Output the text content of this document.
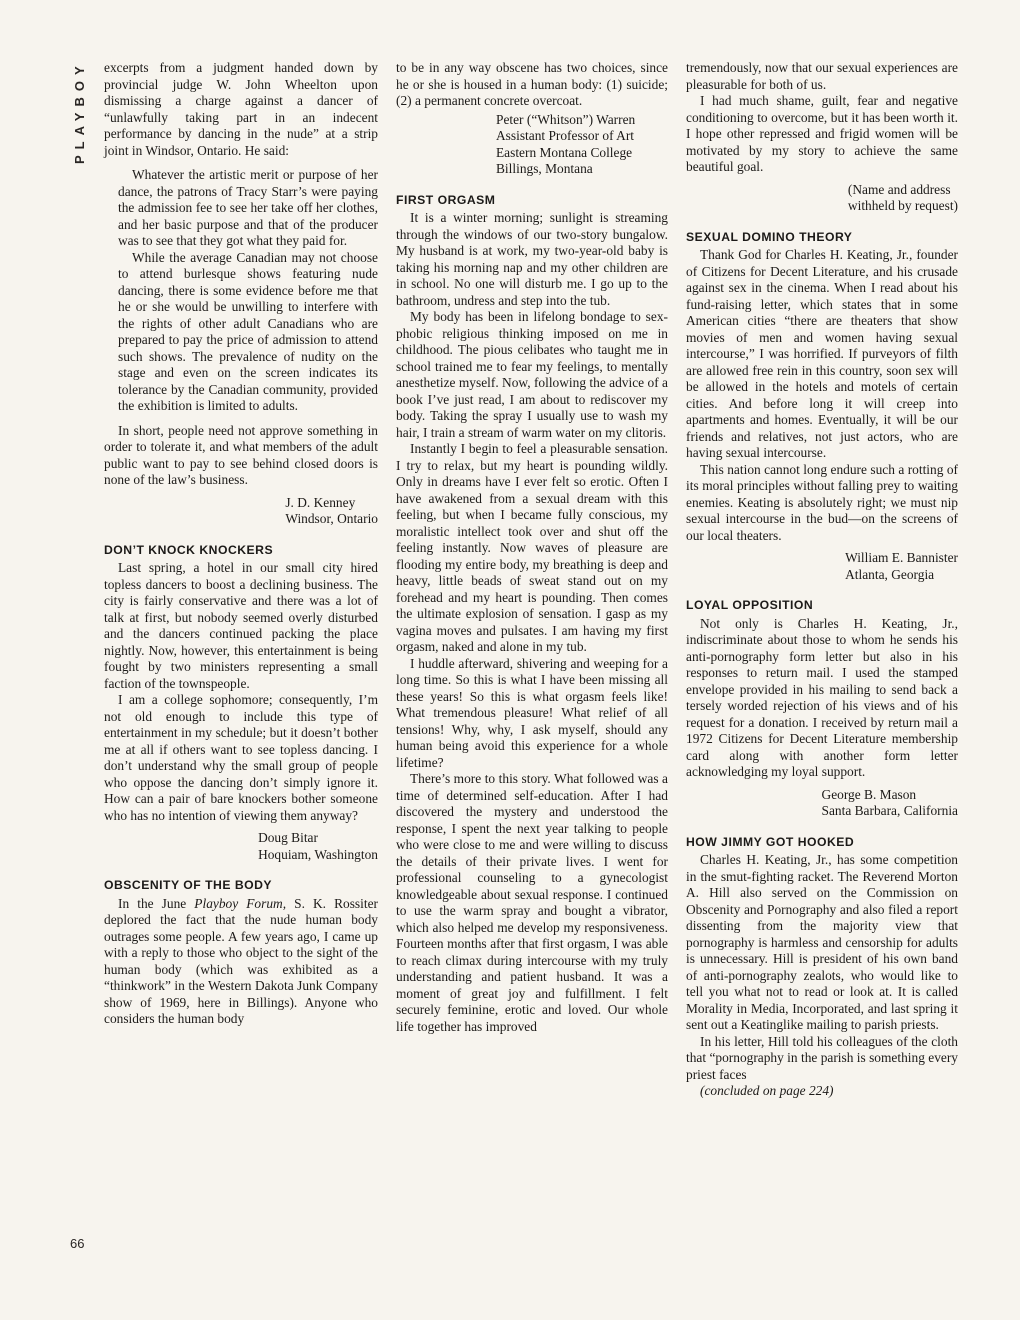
PLAYBOY
66

excerpts from a judgment handed down by provincial judge W. John Wheelton upon dismissing a charge against a dancer of “unlawfully taking part in an indecent performance by dancing in the nude” at a strip joint in Windsor, Ontario. He said:

Whatever the artistic merit or purpose of her dance, the patrons of Tracy Starr’s were paying the admission fee to see her take off her clothes, and her basic purpose and that of the producer was to see that they got what they paid for.

While the average Canadian may not choose to attend burlesque shows featuring nude dancing, there is some evidence before me that he or she would be unwilling to interfere with the rights of other adult Canadians who are prepared to pay the price of admission to attend such shows. The prevalence of nudity on the stage and even on the screen indicates its tolerance by the Canadian community, provided the exhibition is limited to adults.

In short, people need not approve something in order to tolerate it, and what members of the adult public want to pay to see behind closed doors is none of the law’s business.

J. D. Kenney
Windsor, Ontario
DON’T KNOCK KNOCKERS

Last spring, a hotel in our small city hired topless dancers to boost a declining business. The city is fairly conservative and there was a lot of talk at first, but nobody seemed overly disturbed and the dancers continued packing the place nightly. Now, however, this entertainment is being fought by two ministers representing a small faction of the townspeople.

I am a college sophomore; consequently, I’m not old enough to include this type of entertainment in my schedule; but it doesn’t bother me at all if others want to see topless dancing. I don’t understand why the small group of people who oppose the dancing don’t simply ignore it. How can a pair of bare knockers bother someone who has no intention of viewing them anyway?

Doug Bitar
Hoquiam, Washington
OBSCENITY OF THE BODY

In the June Playboy Forum, S. K. Rossiter deplored the fact that the nude human body outrages some people. A few years ago, I came up with a reply to those who object to the sight of the human body (which was exhibited as a “thinkwork” in the Western Dakota Junk Company show of 1969, here in Billings). Anyone who considers the human body

to be in any way obscene has two choices, since he or she is housed in a human body: (1) suicide; (2) a permanent concrete overcoat.

Peter (“Whitson”) Warren
Assistant Professor of Art
Eastern Montana College
Billings, Montana
FIRST ORGASM

It is a winter morning; sunlight is streaming through the windows of our two-story bungalow. My husband is at work, my two-year-old baby is taking his morning nap and my other children are in school. No one will disturb me. I go up to the bathroom, undress and step into the tub.

My body has been in lifelong bondage to sex-phobic religious thinking imposed on me in childhood. The pious celibates who taught me in school trained me to fear my feelings, to mentally anesthetize myself. Now, following the advice of a book I’ve just read, I am about to rediscover my body. Taking the spray I usually use to wash my hair, I train a stream of warm water on my clitoris.

Instantly I begin to feel a pleasurable sensation. I try to relax, but my heart is pounding wildly. Only in dreams have I ever felt so erotic. Often I have awakened from a sexual dream with this feeling, but when I became fully conscious, my moralistic intellect took over and shut off the feeling instantly. Now waves of pleasure are flooding my entire body, my breathing is deep and heavy, little beads of sweat stand out on my forehead and my heart is pounding. Then comes the ultimate explosion of sensation. I gasp as my vagina moves and pulsates. I am having my first orgasm, naked and alone in my tub.

I huddle afterward, shivering and weeping for a long time. So this is what I have been missing all these years! So this is what orgasm feels like! What tremendous pleasure! What relief of all tensions! Why, why, I ask myself, should any human being avoid this experience for a whole lifetime?

There’s more to this story. What followed was a time of determined self-education. After I had discovered the mystery and understood the response, I spent the next year talking to people who were close to me and were willing to discuss the details of their private lives. I went for professional counseling to a gynecologist knowledgeable about sexual response. I continued to use the warm spray and bought a vibrator, which also helped me develop my responsiveness. Fourteen months after that first orgasm, I was able to reach climax during intercourse with my truly understanding and patient husband. It was a moment of great joy and fulfillment. I felt securely feminine, erotic and loved. Our whole life together has improved

tremendously, now that our sexual experiences are pleasurable for both of us.

I had much shame, guilt, fear and negative conditioning to overcome, but it has been worth it. I hope other repressed and frigid women will be motivated by my story to achieve the same beautiful goal.

(Name and address
withheld by request)
SEXUAL DOMINO THEORY

Thank God for Charles H. Keating, Jr., founder of Citizens for Decent Literature, and his crusade against sex in the cinema. When I read about his fund-raising letter, which states that in some American cities “there are theaters that show movies of men and women having sexual intercourse,” I was horrified. If purveyors of filth are allowed free rein in this country, soon sex will be allowed in the hotels and motels of certain cities. And before long it will creep into apartments and homes. Eventually, it will be our friends and relatives, not just actors, who are having sexual intercourse.

This nation cannot long endure such a rotting of its moral principles without falling prey to waiting enemies. Keating is absolutely right; we must nip sexual intercourse in the bud—on the screens of our local theaters.

William E. Bannister
Atlanta, Georgia
LOYAL OPPOSITION

Not only is Charles H. Keating, Jr., indiscriminate about those to whom he sends his anti-pornography form letter but also in his responses to return mail. I used the stamped envelope provided in his mailing to send back a tersely worded rejection of his views and of his request for a donation. I received by return mail a 1972 Citizens for Decent Literature membership card along with another form letter acknowledging my loyal support.

George B. Mason
Santa Barbara, California
HOW JIMMY GOT HOOKED

Charles H. Keating, Jr., has some competition in the smut-fighting racket. The Reverend Morton A. Hill also served on the Commission on Obscenity and Pornography and also filed a report dissenting from the majority view that pornography is harmless and censorship for adults is unnecessary. Hill is president of his own band of anti-pornography zealots, who would like to tell you what not to read or look at. It is called Morality in Media, Incorporated, and last spring it sent out a Keatinglike mailing to parish priests.

In his letter, Hill told his colleagues of the cloth that “pornography in the parish is something every priest faces

(concluded on page 224)
